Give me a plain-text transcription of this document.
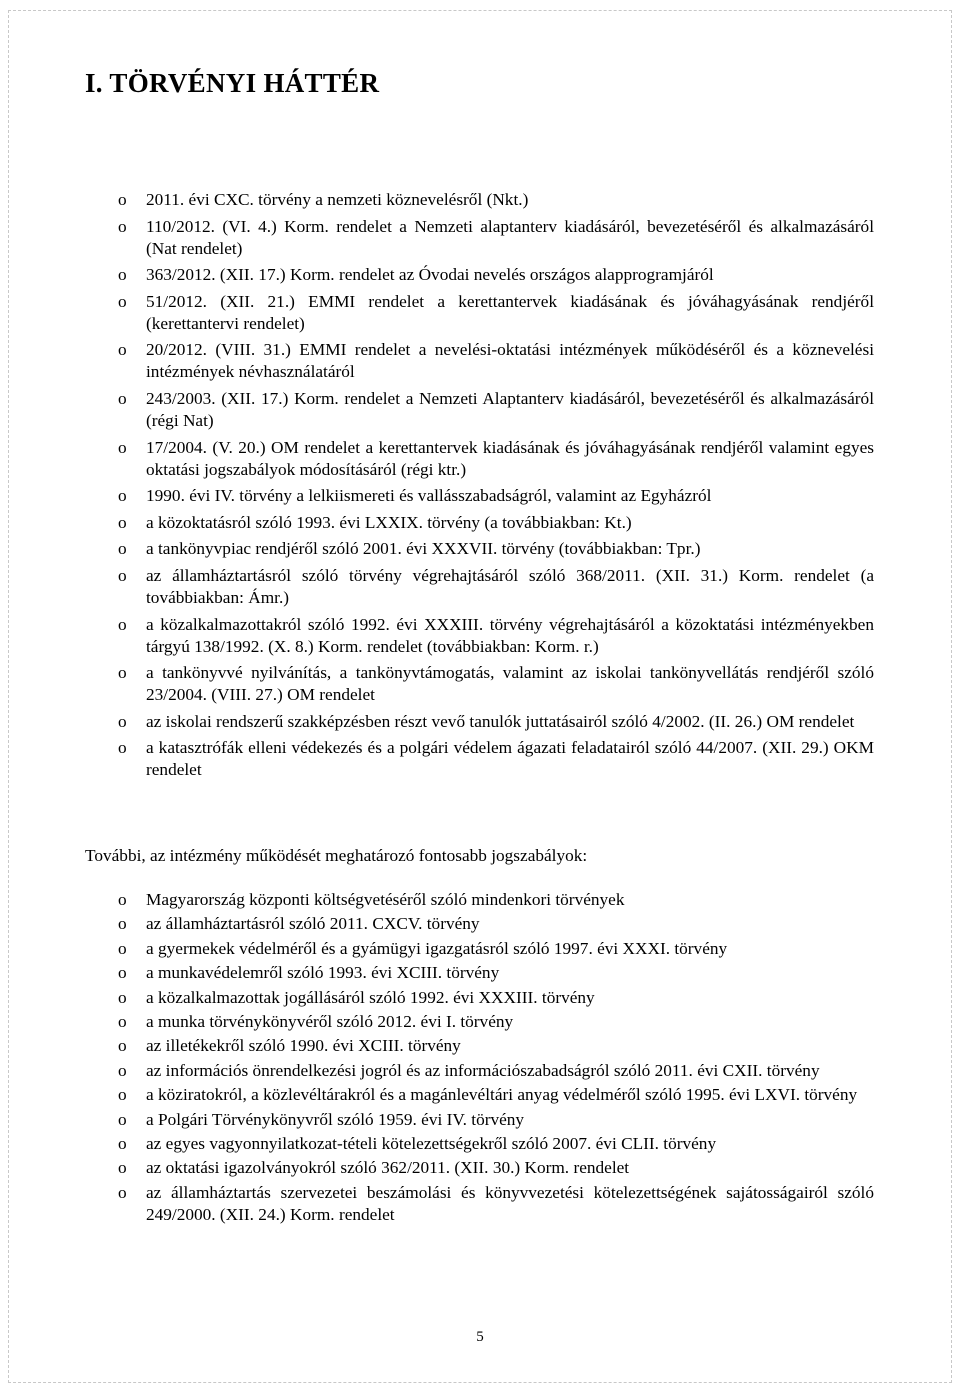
I. TÖRVÉNYI HÁTTÉR
o 2011. évi CXC. törvény a nemzeti köznevelésről (Nkt.)
o 110/2012. (VI. 4.) Korm. rendelet a Nemzeti alaptanterv kiadásáról, bevezetéséről és alkalmazásáról (Nat rendelet)
o 363/2012. (XII. 17.) Korm. rendelet az Óvodai nevelés országos alapprogramjáról
o 51/2012. (XII. 21.) EMMI rendelet a kerettantervek kiadásának és jóváhagyásának rendjéről (kerettantervi rendelet)
o 20/2012. (VIII. 31.) EMMI rendelet a nevelési-oktatási intézmények működéséről és a köznevelési intézmények névhasználatáról
o 243/2003. (XII. 17.) Korm. rendelet a Nemzeti Alaptanterv kiadásáról, bevezetéséről és alkalmazásáról (régi Nat)
o 17/2004. (V. 20.) OM rendelet a kerettantervek kiadásának és jóváhagyásának rendjéről valamint egyes oktatási jogszabályok módosításáról (régi ktr.)
o 1990. évi IV. törvény a lelkiismereti és vallásszabadságról, valamint az Egyházról
o a közoktatásról szóló 1993. évi LXXIX. törvény (a továbbiakban: Kt.)
o a tankönyvpiac rendjéről szóló 2001. évi XXXVII. törvény (továbbiakban: Tpr.)
o az államháztartásról szóló törvény végrehajtásáról szóló 368/2011. (XII. 31.) Korm. rendelet (a továbbiakban: Ámr.)
o a közalkalmazottakról szóló 1992. évi XXXIII. törvény végrehajtásáról a közoktatási intézményekben tárgyú 138/1992. (X. 8.) Korm. rendelet (továbbiakban: Korm. r.)
o a tankönyvvé nyilvánítás, a tankönyvtámogatás, valamint az iskolai tankönyvellátás rendjéről szóló 23/2004. (VIII. 27.) OM rendelet
o az iskolai rendszerű szakképzésben részt vevő tanulók juttatásairól szóló 4/2002. (II. 26.) OM rendelet
o a katasztrófák elleni védekezés és a polgári védelem ágazati feladatairól szóló 44/2007. (XII. 29.) OKM rendelet

További, az intézmény működését meghatározó fontosabb jogszabályok:

o Magyarország központi költségvetéséről szóló mindenkori törvények
o az államháztartásról szóló 2011. CXCV. törvény
o a gyermekek védelméről és a gyámügyi igazgatásról szóló 1997. évi XXXI. törvény
o a munkavédelemről szóló 1993. évi XCIII. törvény
o a közalkalmazottak jogállásáról szóló 1992. évi XXXIII. törvény
o a munka törvénykönyvéről szóló 2012. évi I. törvény
o az illetékekről szóló 1990. évi XCIII. törvény
o az információs önrendelkezési jogról és az információszabadságról szóló 2011. évi CXII. törvény
o a köziratokról, a közlevéltárakról és a magánlevéltári anyag védelméről szóló 1995. évi LXVI. törvény
o a Polgári Törvénykönyvről szóló 1959. évi IV. törvény
o az egyes vagyonnyilatkozat-tételi kötelezettségekről szóló 2007. évi CLII. törvény
o az oktatási igazolványokról szóló 362/2011. (XII. 30.) Korm. rendelet
o az államháztartás szervezetei beszámolási és könyvvezetési kötelezettségének sajátosságairól szóló 249/2000. (XII. 24.) Korm. rendelet
5
